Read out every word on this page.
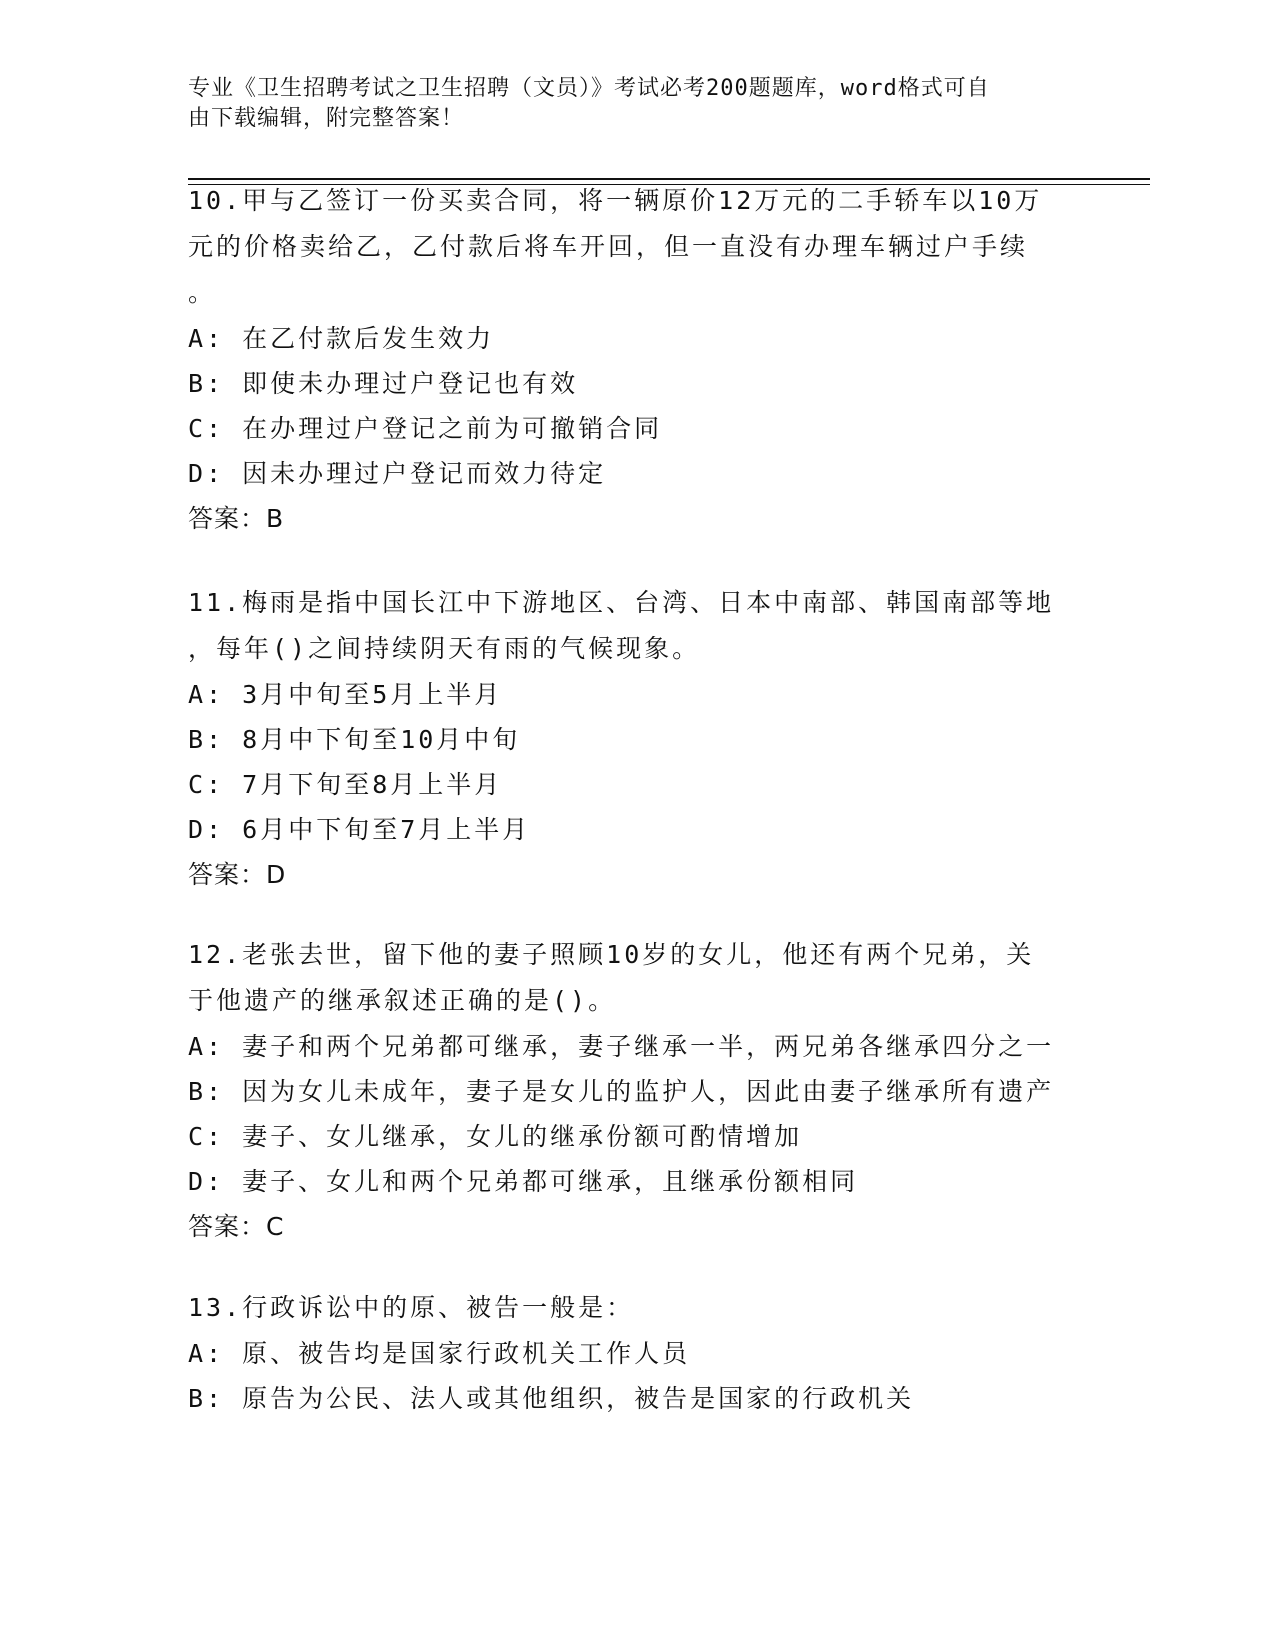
专业《卫生招聘考试之卫生招聘（文员）》考试必考200题题库，word格式可自
由下载编辑，附完整答案！
10.甲与乙签订一份买卖合同，将一辆原价12万元的二手轿车以10万
元的价格卖给乙，乙付款后将车开回，但一直没有办理车辆过户手续
。
A: 在乙付款后发生效力
B: 即使未办理过户登记也有效
C: 在办理过户登记之前为可撤销合同
D: 因未办理过户登记而效力待定
答案：B
11.梅雨是指中国长江中下游地区、台湾、日本中南部、韩国南部等地
，每年()之间持续阴天有雨的气候现象。
A: 3月中旬至5月上半月
B: 8月中下旬至10月中旬
C: 7月下旬至8月上半月
D: 6月中下旬至7月上半月
答案：D
12.老张去世，留下他的妻子照顾10岁的女儿，他还有两个兄弟，关
于他遗产的继承叙述正确的是()。
A: 妻子和两个兄弟都可继承，妻子继承一半，两兄弟各继承四分之一
B: 因为女儿未成年，妻子是女儿的监护人，因此由妻子继承所有遗产
C: 妻子、女儿继承，女儿的继承份额可酌情增加
D: 妻子、女儿和两个兄弟都可继承，且继承份额相同
答案：C
13.行政诉讼中的原、被告一般是：
A: 原、被告均是国家行政机关工作人员
B: 原告为公民、法人或其他组织，被告是国家的行政机关
